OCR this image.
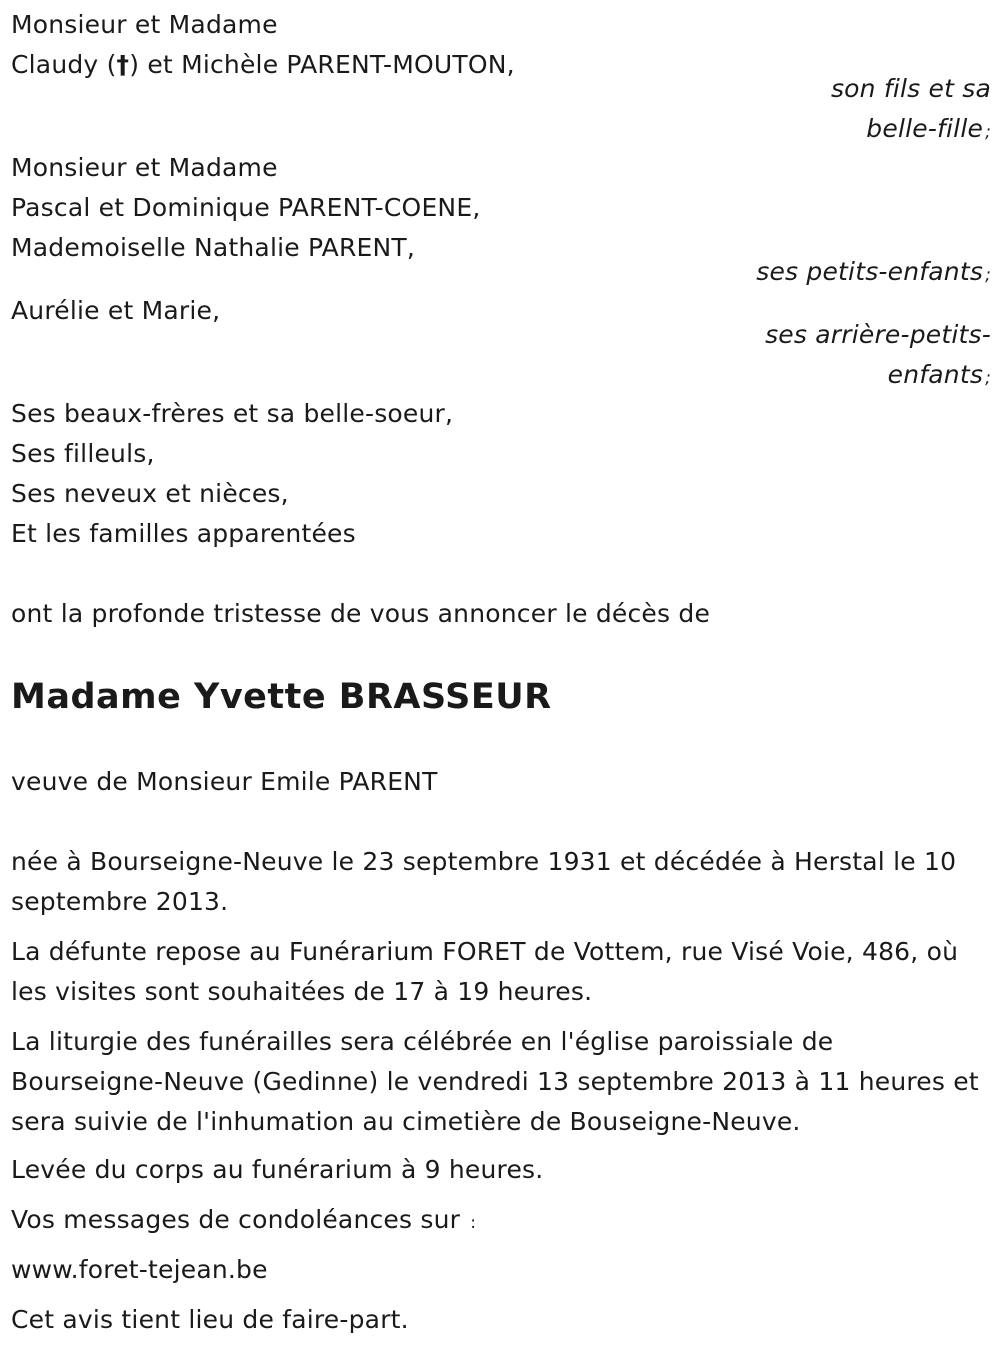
Monsieur et Madame
Claudy (†) et Michèle PARENT-MOUTON,
son fils et sa
belle-fille ;
Monsieur et Madame
Pascal et Dominique PARENT-COENE,
Mademoiselle Nathalie PARENT,
ses petits-enfants ;
Aurélie et Marie,
ses arrière-petits-
enfants ;
Ses beaux-frères et sa belle-soeur,
Ses filleuls,
Ses neveux et nièces,
Et les familles apparentées
ont la profonde tristesse de vous annoncer le décès de
Madame Yvette BRASSEUR
veuve de Monsieur Emile PARENT
née à Bourseigne-Neuve le 23 septembre 1931 et décédée à Herstal le 10 septembre 2013.
La défunte repose au Funérarium FORET de Vottem, rue Visé Voie, 486, où les visites sont souhaitées de 17 à 19 heures.
La liturgie des funérailles sera célébrée en l'église paroissiale de Bourseigne-Neuve (Gedinne) le vendredi 13 septembre 2013 à 11 heures et sera suivie de l'inhumation au cimetière de Bouseigne-Neuve.
Levée du corps au funérarium à 9 heures.
Vos messages de condoléances sur :
www.foret-tejean.be
Cet avis tient lieu de faire-part.
